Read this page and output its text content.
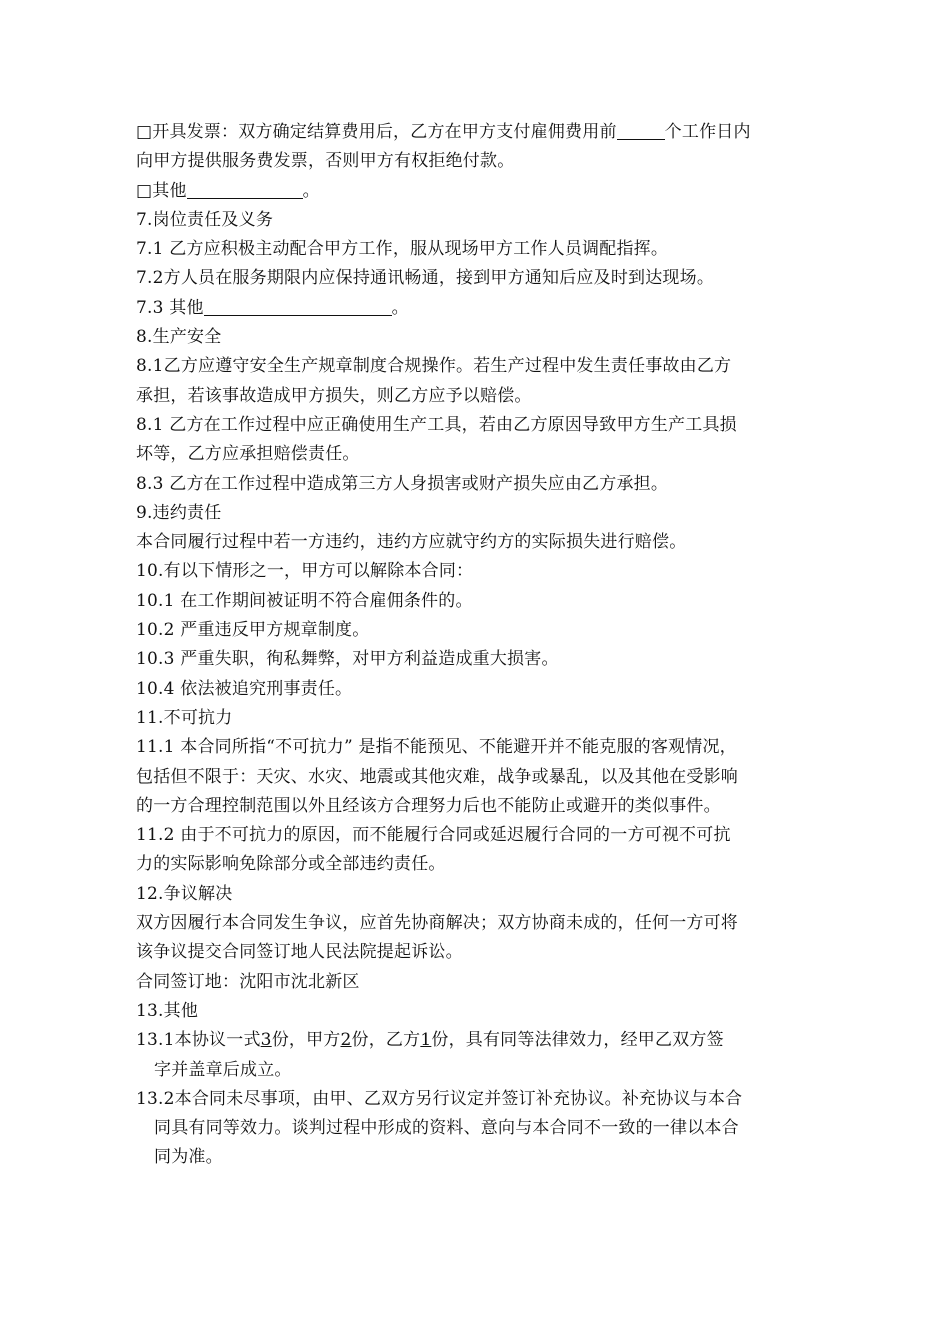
□开具发票：双方确定结算费用后，乙方在甲方支付雇佣费用前	个工作日内
向甲方提供服务费发票，否则甲方有权拒绝付款。
□其他	。
7.岗位责任及义务
7.1 乙方应积极主动配合甲方工作，服从现场甲方工作人员调配指挥。
7.2方人员在服务期限内应保持通讯畅通，接到甲方通知后应及时到达现场。
7.3 其他	。
8.生产安全
8.1乙方应遵守安全生产规章制度合规操作。若生产过程中发生责任事故由乙方
承担，若该事故造成甲方损失，则乙方应予以赔偿。
8.1 乙方在工作过程中应正确使用生产工具，若由乙方原因导致甲方生产工具损
坏等，乙方应承担赔偿责任。
8.3 乙方在工作过程中造成第三方人身损害或财产损失应由乙方承担。
9.违约责任
本合同履行过程中若一方违约，违约方应就守约方的实际损失进行赔偿。
10.有以下情形之一，甲方可以解除本合同：
10.1 在工作期间被证明不符合雇佣条件的。
10.2 严重违反甲方规章制度。
10.3 严重失职，徇私舞弊，对甲方利益造成重大损害。
10.4 依法被追究刑事责任。
11.不可抗力
11.1 本合同所指“不可抗力” 是指不能预见、不能避开并不能克服的客观情况，
包括但不限于：天灾、水灾、地震或其他灾难，战争或暴乱，以及其他在受影响
的一方合理控制范围以外且经该方合理努力后也不能防止或避开的类似事件。
11.2 由于不可抗力的原因，而不能履行合同或延迟履行合同的一方可视不可抗
力的实际影响免除部分或全部违约责任。
12.争议解决
双方因履行本合同发生争议，应首先协商解决；双方协商未成的，任何一方可将
该争议提交合同签订地人民法院提起诉讼。
合同签订地：沈阳市沈北新区
13.其他
13.1本协议一式3份，甲方2份，乙方1份，具有同等法律效力，经甲乙双方签
字并盖章后成立。
13.2本合同未尽事项，由甲、乙双方另行议定并签订补充协议。补充协议与本合
同具有同等效力。谈判过程中形成的资料、意向与本合同不一致的一律以本合
同为准。
